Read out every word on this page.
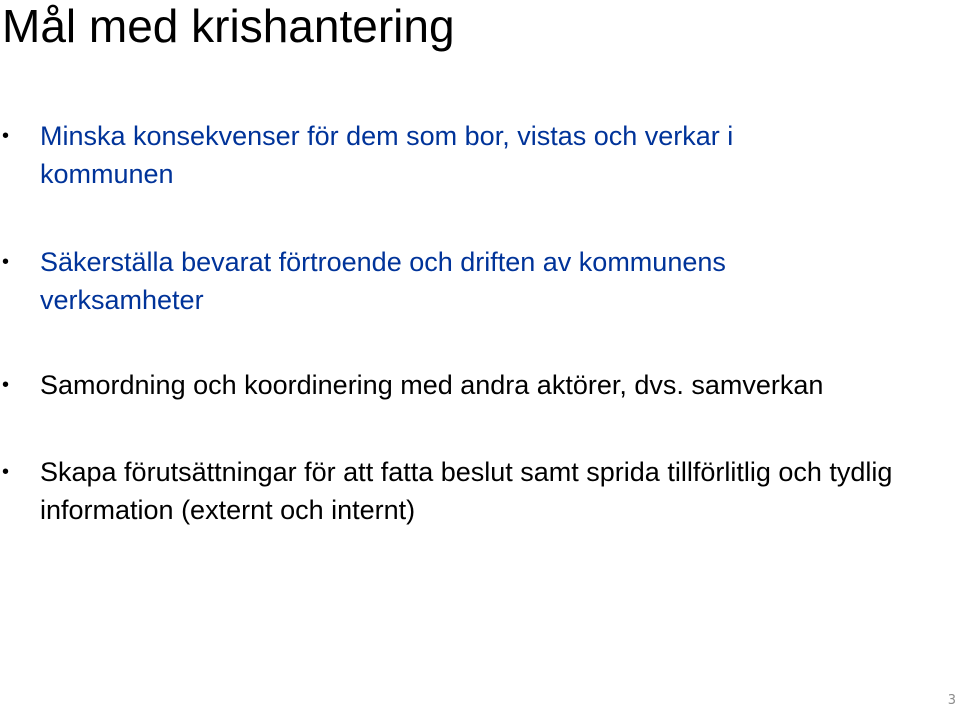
Mål med krishantering
•	Minska konsekvenser för dem som bor, vistas och verkar i kommunen

•	Säkerställa bevarat förtroende och driften av kommunens verksamheter

•	Samordning och koordinering med andra aktörer, dvs. samverkan

•	Skapa förutsättningar för att fatta beslut samt sprida tillförlitlig och tydlig information (externt och internt)

3
